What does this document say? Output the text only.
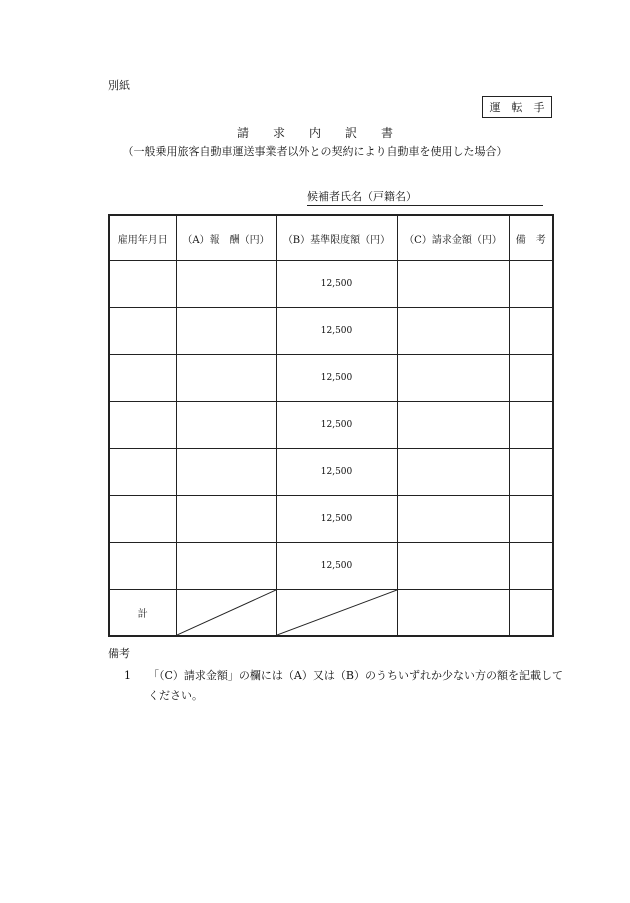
別紙
運　転　手
請　　求　　内　　訳　　書
（一般乗用旅客自動車運送事業者以外との契約により自動車を使用した場合）
候補者氏名（戸籍名）
雇用年月日	（A）報　酬（円）	（B）基準限度額（円）	（C）請求金額（円）	備　考
		12,500		
		12,500		
		12,500		
		12,500		
		12,500		
		12,500		
		12,500		
計	

備考
1	「（C）請求金額」の欄には（A）又は（B）のうちいずれか少ない方の額を記載してください。
